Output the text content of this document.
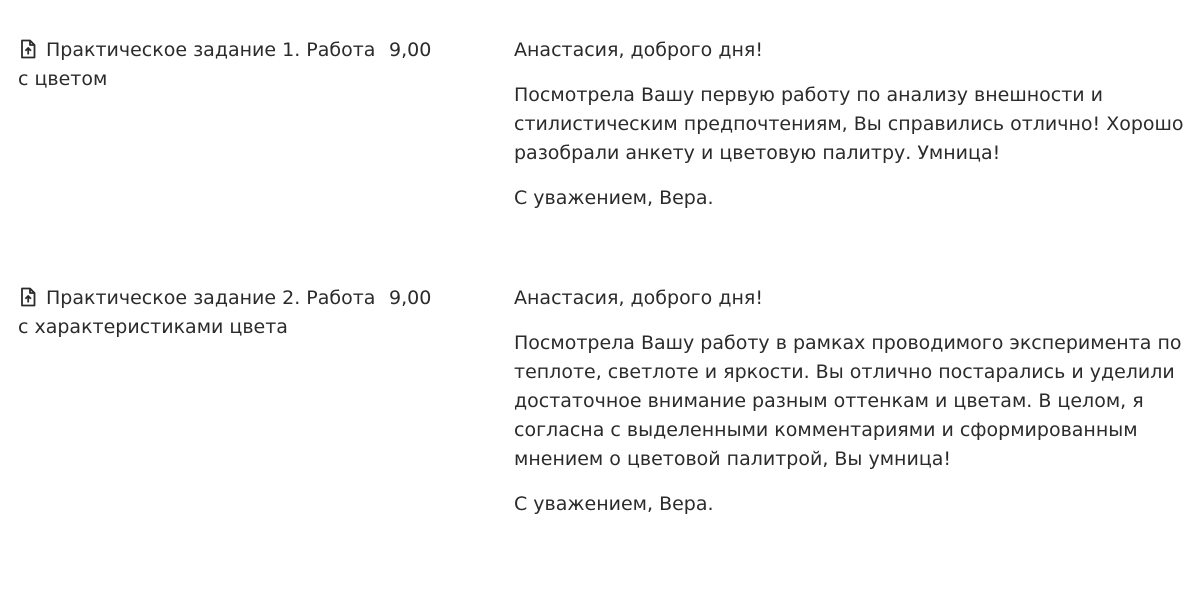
Практическое задание 1. Работа с цветом
9,00	Анастасия, доброго дня!

Посмотрела Вашу первую работу по анализу внешности и стилистическим предпочтениям, Вы справились отлично! Хорошо разобрали анкету и цветовую палитру. Умница!

С уважением, Вера.

Практическое задание 2. Работа с характеристиками цвета
9,00	Анастасия, доброго дня!

Посмотрела Вашу работу в рамках проводимого эксперимента по теплоте, светлоте и яркости. Вы отлично постарались и уделили достаточное внимание разным оттенкам и цветам. В целом, я согласна с выделенными комментариями и сформированным мнением о цветовой палитрой, Вы умница!

С уважением, Вера.
